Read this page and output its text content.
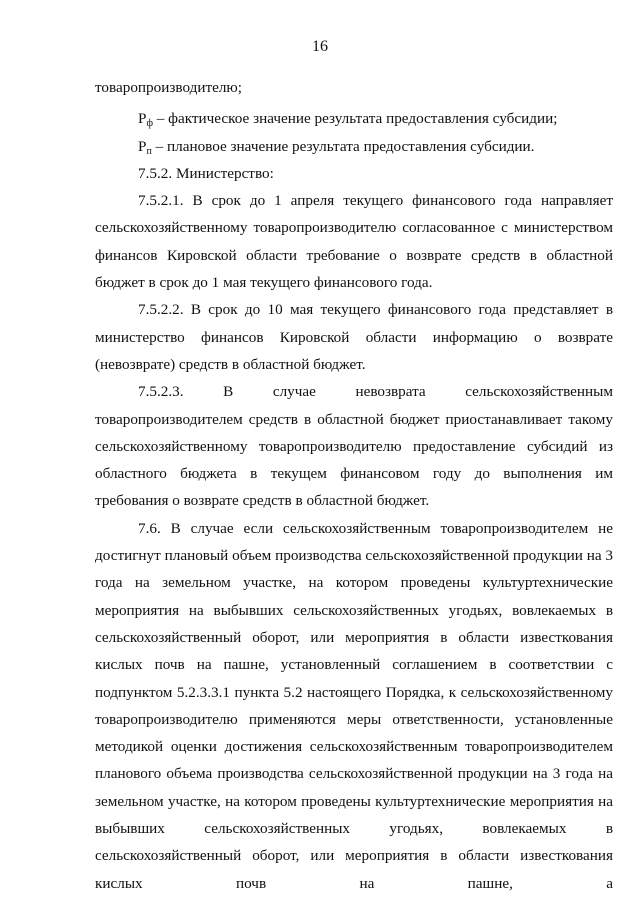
16

товаропроизводителю;

$P_ф$ – фактическое значение результата предоставления субсидии;

$P_п$ – плановое значение результата предоставления субсидии.

7.5.2. Министерство:

7.5.2.1. В срок до 1 апреля текущего финансового года направляет сельскохозяйственному товаропроизводителю согласованное с министерством финансов Кировской области требование о возврате средств в областной бюджет в срок до 1 мая текущего финансового года.

7.5.2.2. В срок до 10 мая текущего финансового года представляет в министерство финансов Кировской области информацию о возврате (невозврате) средств в областной бюджет.

7.5.2.3. В случае невозврата сельскохозяйственным товаропроизводителем средств в областной бюджет приостанавливает такому сельскохозяйственному товаропроизводителю предоставление субсидий из областного бюджета в текущем финансовом году до выполнения им требования о возврате средств в областной бюджет.

7.6. В случае если сельскохозяйственным товаропроизводителем не достигнут плановый объем производства сельскохозяйственной продукции на 3 года на земельном участке, на котором проведены культуртехнические мероприятия на выбывших сельскохозяйственных угодьях, вовлекаемых в сельскохозяйственный оборот, или мероприятия в области известкования кислых почв на пашне, установленный соглашением в соответствии с подпунктом 5.2.3.3.1 пункта 5.2 настоящего Порядка, к сельскохозяйственному товаропроизводителю применяются меры ответственности, установленные методикой оценки достижения сельскохозяйственным товаропроизводителем планового объема производства сельскохозяйственной продукции на 3 года на земельном участке, на котором проведены культуртехнические мероприятия на выбывших сельскохозяйственных угодьях, вовлекаемых в сельскохозяйственный оборот, или мероприятия в области известкования кислых почв на пашне, а
